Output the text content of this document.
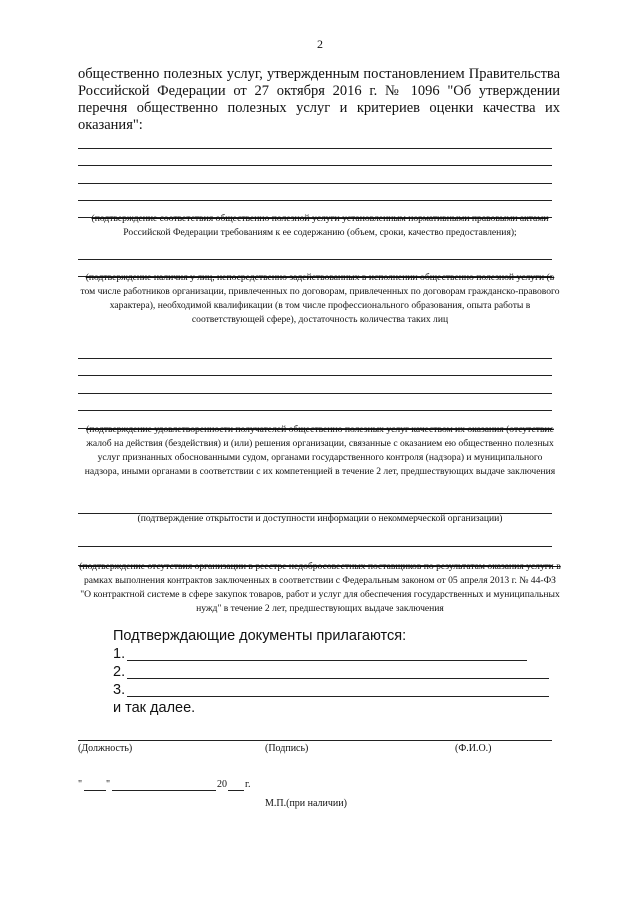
2
общественно полезных услуг, утвержденным постановлением Правительства Российской Федерации от 27 октября 2016 г. № 1096 "Об утверждении перечня общественно полезных услуг и критериев оценки качества их оказания":
(подтверждение соответствия общественно полезной услуги установленным нормативными правовыми актами
Российской Федерации требованиям к ее содержанию (объем, сроки, качество предоставления);
(подтверждение наличия у лиц, непосредственно задействованных в исполнении общественно полезной услуги (в
том числе работников организации, привлеченных по договорам, привлеченных по договорам гражданско-правового
характера), необходимой квалификации (в том числе профессионального образования, опыта работы в
соответствующей сфере), достаточность количества таких лиц
(подтверждение удовлетворенности получателей общественно полезных услуг качеством их оказания (отсутствие
жалоб на действия (бездействия) и (или) решения организации, связанные с оказанием ею общественно полезных
услуг признанных обоснованными судом, органами государственного контроля (надзора) и муниципального
надзора, иными органами в соответствии с их компетенцией в течение 2 лет, предшествующих выдаче заключения
(подтверждение открытости и доступности информации о некоммерческой организации)
(подтверждение отсутствия организации в реестре недобросовестных поставщиков по результатам оказания услуги в
рамках выполнения контрактов заключенных в соответствии с Федеральным законом от 05 апреля 2013 г. № 44-ФЗ
"О контрактной системе в сфере закупок товаров, работ и услуг для обеспечения государственных и муниципальных
нужд" в течение 2 лет, предшествующих выдаче заключения
Подтверждающие документы прилагаются:
1.
2.
3.
и так далее.
(Должность)	(Подпись)	(Ф.И.О.)
" "	20 г.
М.П.(при наличии)
